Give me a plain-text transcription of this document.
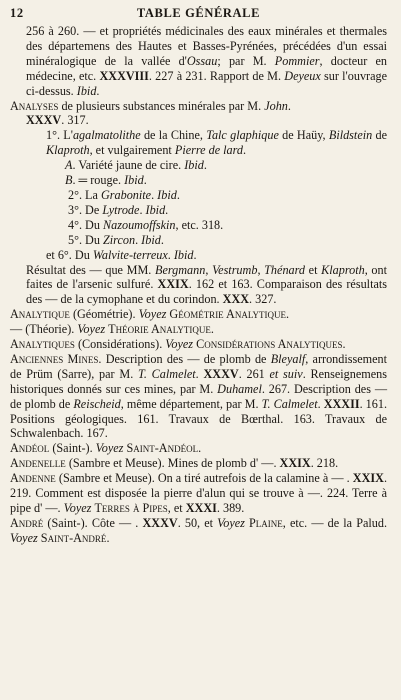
12	TABLE GÉNÉRALE

256 à 260. — et propriétés médicinales des eaux minérales et thermales des départemens des Hautes et Basses-Pyrénées, précédées d'un essai minéralogique de la vallée d'Ossau; par M. Pommier, docteur en médecine, etc. XXXVIII. 227 à 231. Rapport de M. Deyeux sur l'ouvrage ci-dessus. Ibid.

Analyses de plusieurs substances minérales par M. John.

XXXV. 317.

1°. L'agalmatolithe de la Chine, Talc glaphique de Haüy, Bildstein de Klaproth, et vulgairement Pierre de lard.

A. Variété jaune de cire. Ibid.

B. ═ rouge. Ibid.

2°. La Grabonite. Ibid.

3°. De Lytrode. Ibid.

4°. Du Nazoumoffskin, etc. 318.

5°. Du Zircon. Ibid.

et 6°. Du Walvite-terreux. Ibid.

Résultat des — que MM. Bergmann, Vestrumb, Thénard et Klaproth, ont faites de l'arsenic sulfuré. XXIX. 162 et 163. Comparaison des résultats des — de la cymophane et du corindon. XXX. 327.

Analytique (Géométrie). Voyez Géométrie Analytique.

— (Théorie). Voyez Théorie Analytique.

Analytiques (Considérations). Voyez Considérations Analytiques.

Anciennes Mines. Description des — de plomb de Bleyalf, arrondissement de Prüm (Sarre), par M. T. Calmelet. XXXV. 261 et suiv. Renseignemens historiques donnés sur ces mines, par M. Duhamel. 267. Description des — de plomb de Reischeid, même département, par M. T. Calmelet. XXXII. 161. Positions géologiques. 161. Travaux de Bœrthal. 163. Travaux de Schwalenbach. 167.

Andéol (Saint-). Voyez Saint-Andéol.

Andenelle (Sambre et Meuse). Mines de plomb d' —. XXIX. 218.

Andenne (Sambre et Meuse). On a tiré autrefois de la calamine à — . XXIX. 219. Comment est disposée la pierre d'alun qui se trouve à —. 224. Terre à pipe d' —. Voyez Terres à Pipes, et XXXI. 389.

André (Saint-). Côte — . XXXV. 50, et Voyez Plaine, etc. — de la Palud. Voyez Saint-André.
